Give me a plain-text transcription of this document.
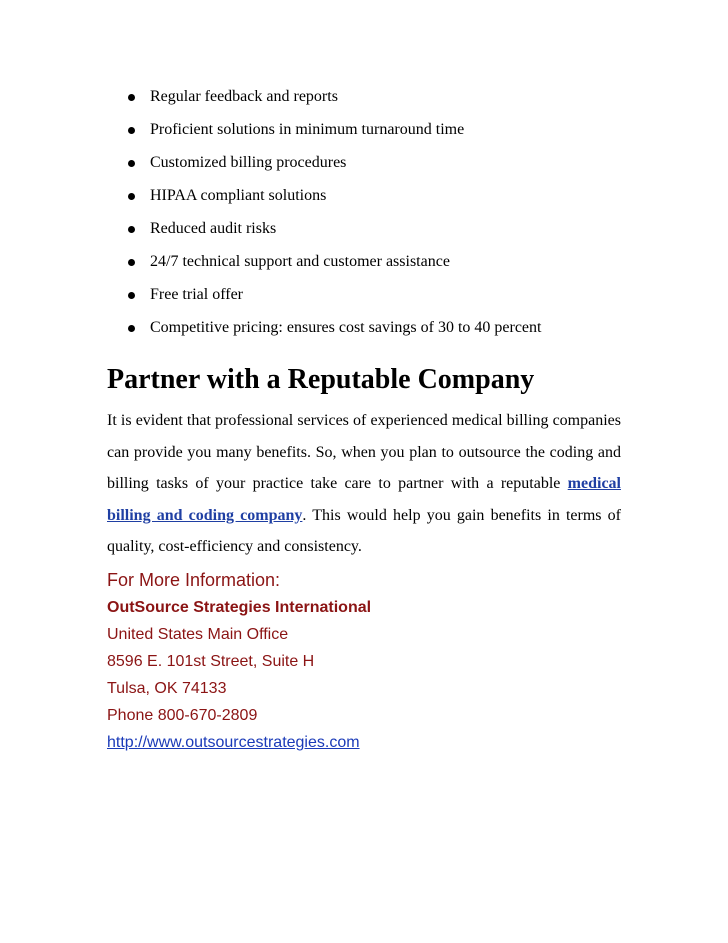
Regular feedback and reports
Proficient solutions in minimum turnaround time
Customized billing procedures
HIPAA compliant solutions
Reduced audit risks
24/7 technical support and customer assistance
Free trial offer
Competitive pricing: ensures cost savings of 30 to 40 percent
Partner with a Reputable Company

It is evident that professional services of experienced medical billing companies can provide you many benefits. So, when you plan to outsource the coding and billing tasks of your practice take care to partner with a reputable medical billing and coding company. This would help you gain benefits in terms of quality, cost-efficiency and consistency.

For More Information:
OutSource Strategies International
United States Main Office
8596 E. 101st Street, Suite H
Tulsa, OK 74133
Phone 800-670-2809
http://www.outsourcestrategies.com
